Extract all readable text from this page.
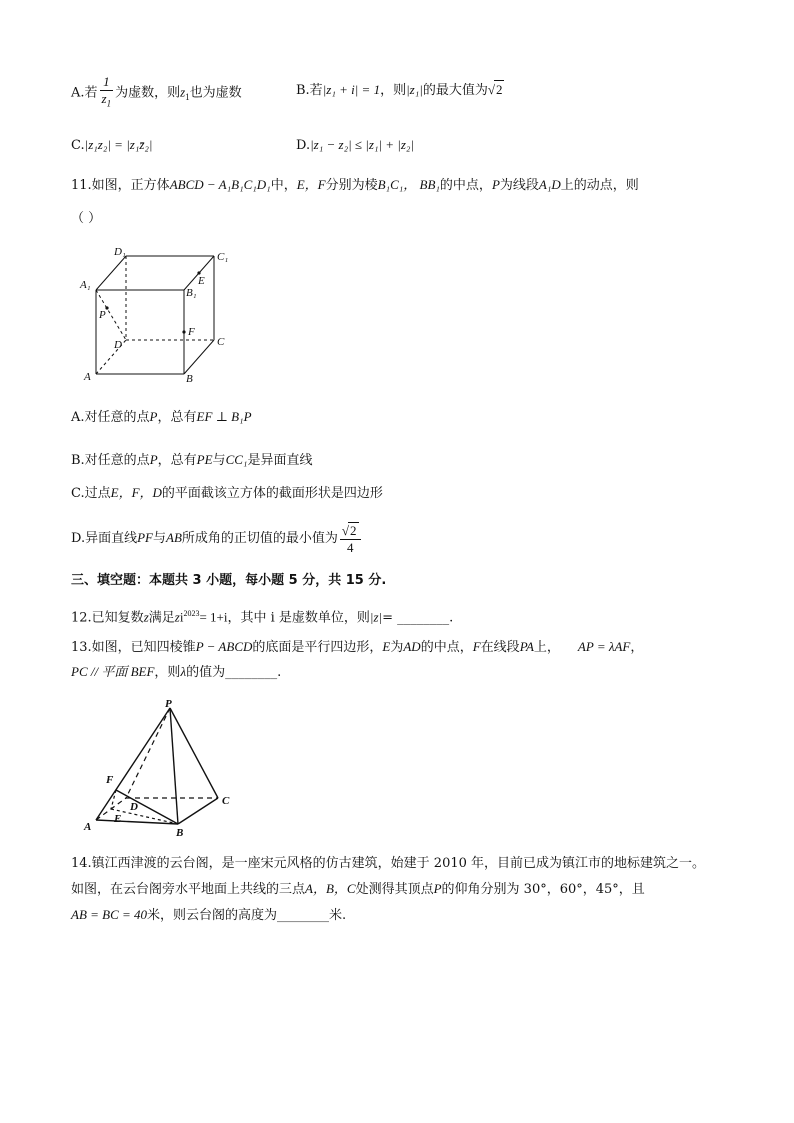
A.若 $\frac{1}{z_1}$ 为虚数，则$z_1$也为虚数	B.若|z₁ + i| = 1，则|z₁|的最大值为√2
C.|z₁z₂| = |z₁z̄₂|	D.|z₁ − z₂| ≤ |z₁| + |z₂|
11.如图，正方体ABCD − A₁B₁C₁D₁中，E，F分别为棱B₁C₁， BB₁的中点，P为线段A₁D上的动点，则
（ ）
D₁	C₁
A₁	E
B₁
P
F
D	C
A	B
A.对任意的点P，总有EF ⊥ B₁P
B.对任意的点P，总有PE与CC₁是异面直线
C.过点E，F，D的平面截该立方体的截面形状是四边形
D.异面直线PF与AB所成角的正切值的最小值为 $\frac{√2}{4}$
三、填空题：本题共 3 小题，每小题 5 分，共 15 分.
12.已知复数z满足$zi^{2023}= 1+i$，其中 i 是虚数单位，则|z|= ________.
13.如图，已知四棱锥P − ABCD的底面是平行四边形，E为AD的中点，F在线段PA上， AP = λAF，
PC // 平面 BEF，则λ的值为________.
P
F
D	C
A
E
B
14.镇江西津渡的云台阁，是一座宋元风格的仿古建筑，始建于 2010 年，目前已成为镇江市的地标建筑之一。
如图，在云台阁旁水平地面上共线的三点A，B，C处测得其顶点P的仰角分别为 30°，60°，45°，且
AB = BC = 40米，则云台阁的高度为________米.
